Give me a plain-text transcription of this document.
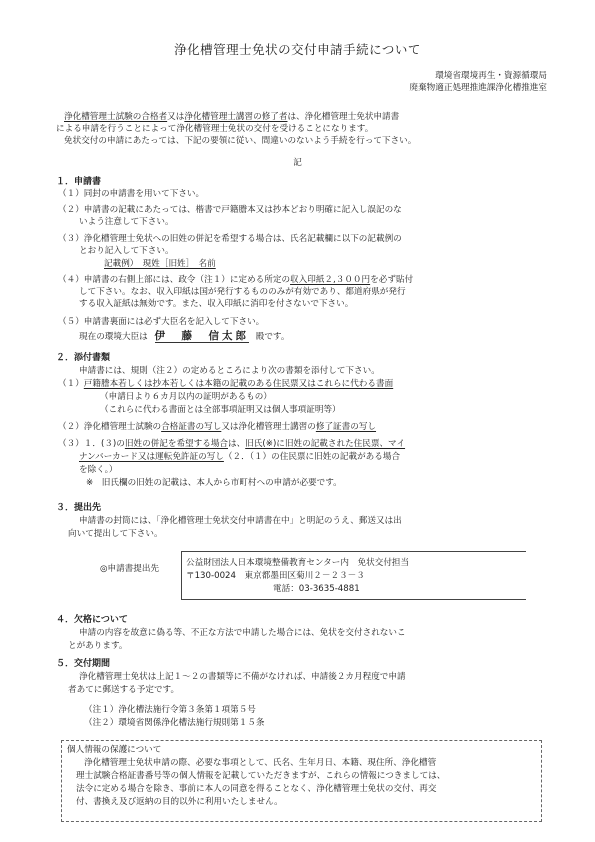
浄化槽管理士免状の交付申請手続について
環境省環境再生・資源循環局
廃棄物適正処理推進課浄化槽推進室
浄化槽管理士試験の合格者又は浄化槽管理士講習の修了者は、浄化槽管理士免状申請書
による申請を行うことによって浄化槽管理士免状の交付を受けることになります。
免状交付の申請にあたっては、下記の要領に従い、間違いのないよう手続を行って下さい。
記
１．申請書
（１）同封の申請書を用いて下さい。
（２）申請書の記載にあたっては、楷書で戸籍謄本又は抄本どおり明確に記入し誤記のな
いよう注意して下さい。
（３）浄化槽管理士免状への旧姓の併記を希望する場合は、氏名記載欄に以下の記載例の
とおり記入して下さい。
記載例）　現姓［旧姓］　名前
（４）申請書の右側上部には、政令（注１）に定める所定の収入印紙２,３００円を必ず貼付
して下さい。なお、収入印紙は国が発行するもののみが有効であり、都道府県が発行
する収入証紙は無効です。また、収入印紙に消印を付さないで下さい。
（５）申請書裏面には必ず大臣名を記入して下さい。
現在の環境大臣は 伊　藤　信太郎 殿です。
２．添付書類
申請書には、規則（注２）の定めるところにより次の書類を添付して下さい。
（１）戸籍謄本若しくは抄本若しくは本籍の記載のある住民票又はこれらに代わる書面
（申請日より６カ月以内の証明があるもの）
（これらに代わる書面とは全部事項証明又は個人事項証明等）
（２）浄化槽管理士試験の合格証書の写し又は浄化槽管理士講習の修了証書の写し
（３）１．(３)の旧姓の併記を希望する場合は、旧氏(※)に旧姓の記載された住民票、マイ
ナンバーカード又は運転免許証の写し（２．（１）の住民票に旧姓の記載がある場合
を除く。）
※　旧氏欄の旧姓の記載は、本人から市町村への申請が必要です。
３．提出先
申請書の封筒には、「浄化槽管理士免状交付申請書在中」と明記のうえ、郵送又は出
向いて提出して下さい。
◎申請書提出先
公益財団法人日本環境整備教育センター内　免状交付担当
〒130-0024　東京都墨田区菊川２－２３－３
電話：03-3635-4881
４．欠格について
申請の内容を故意に偽る等、不正な方法で申請した場合には、免状を交付されないこ
とがあります。
５．交付期間
浄化槽管理士免状は上記１～２の書類等に不備がなければ、申請後２カ月程度で申請
者あてに郵送する予定です。
（注１）浄化槽法施行令第３条第１項第５号
（注２）環境省関係浄化槽法施行規則第１５条
個人情報の保護について
浄化槽管理士免状申請の際、必要な事項として、氏名、生年月日、本籍、現住所、浄化槽管
理士試験合格証書番号等の個人情報を記載していただきますが、これらの情報につきましては、
法令に定める場合を除き、事前に本人の同意を得ることなく、浄化槽管理士免状の交付、再交
付、書換え及び返納の目的以外に利用いたしません。
